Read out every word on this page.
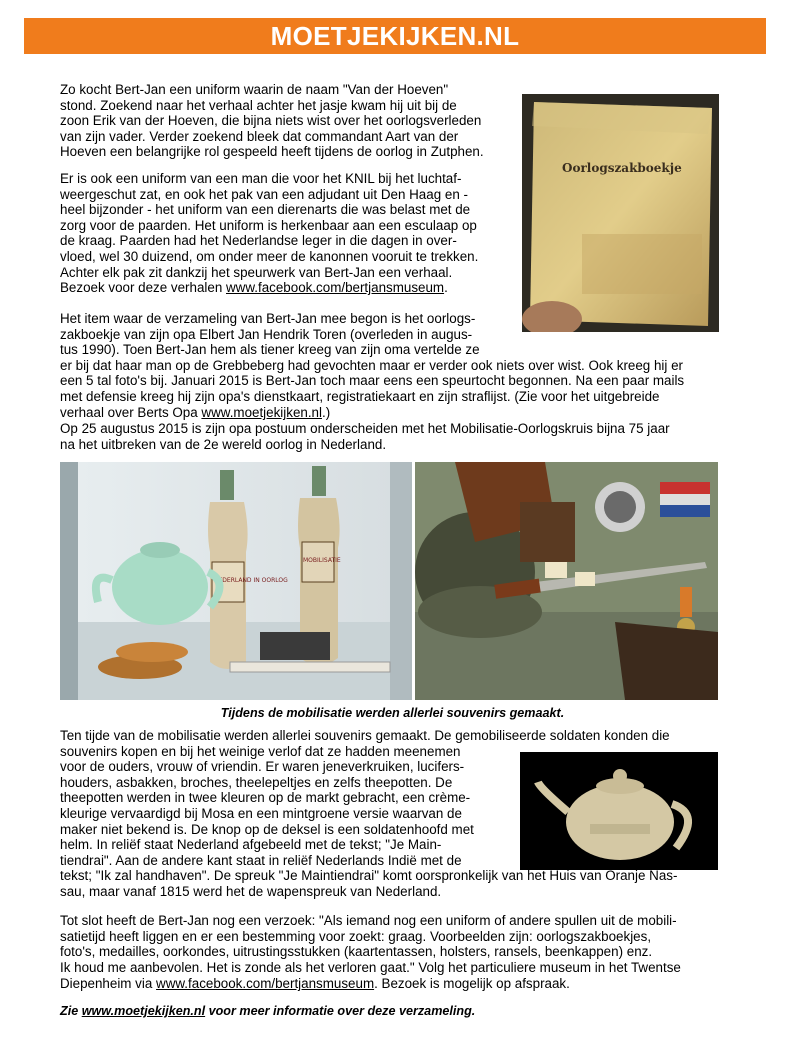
MOETJEKIJKEN.NL
Zo kocht Bert-Jan een uniform waarin de naam "Van der Hoeven"
stond. Zoekend naar het verhaal achter het jasje kwam hij uit bij de
zoon Erik van der Hoeven, die bijna niets wist over het oorlogsverleden
van zijn vader. Verder zoekend bleek dat commandant Aart van der
Hoeven een belangrijke rol gespeeld heeft tijdens de oorlog in Zutphen.
Er is ook een uniform van een man die voor het KNIL bij het luchtaf-
weergeschut zat, en ook het pak van een adjudant uit Den Haag en -
heel bijzonder - het uniform van een dierenarts die was belast met de
zorg voor de paarden. Het uniform is herkenbaar aan een esculaap op
de kraag. Paarden had het Nederlandse leger in die dagen in over-
vloed, wel 30 duizend, om onder meer de kanonnen vooruit te trekken.
Achter elk pak zit dankzij het speurwerk van Bert-Jan een verhaal.
Bezoek voor deze verhalen www.facebook.com/bertjansmuseum.
Oorlogszakboekje
Het item waar de verzameling van Bert-Jan mee begon is het oorlogs-
zakboekje van zijn opa Elbert Jan Hendrik Toren (overleden in augus-
tus 1990). Toen Bert-Jan hem als tiener kreeg van zijn oma vertelde ze
er bij dat haar man op de Grebbeberg had gevochten maar er verder ook niets over wist. Ook kreeg hij er
een 5 tal foto's bij. Januari 2015 is Bert-Jan toch maar eens een speurtocht begonnen. Na een paar mails
met defensie kreeg hij zijn opa's dienstkaart, registratiekaart en zijn straflijst. (Zie voor het uitgebreide
verhaal over Berts Opa www.moetjekijken.nl.)
Op 25 augustus 2015 is zijn opa postuum onderscheiden met het Mobilisatie-Oorlogskruis bijna 75 jaar
na het uitbreken van de 2e wereld oorlog in Nederland.
NEDERLAND IN OORLOG
MOBILISATIE
Tijdens de mobilisatie werden allerlei souvenirs gemaakt.
Ten tijde van de mobilisatie werden allerlei souvenirs gemaakt. De gemobiliseerde soldaten konden die
souvenirs kopen en bij het weinige verlof dat ze hadden meenemen
voor de ouders, vrouw of vriendin. Er waren jeneverkruiken, lucifers-
houders, asbakken, broches, theelepeltjes en zelfs theepotten. De
theepotten werden in twee kleuren op de markt gebracht, een crème-
kleurige vervaardigd bij Mosa en een mintgroene versie waarvan de
maker niet bekend is. De knop op de deksel is een soldatenhoofd met
helm. In reliëf staat Nederland afgebeeld met de tekst; "Je Main-
tiendrai". Aan de andere kant staat in reliëf Nederlands Indië met de
tekst; "Ik zal handhaven". De spreuk "Je Maintiendrai" komt oorspronkelijk van het Huis van Oranje Nas-
sau, maar vanaf 1815 werd het de wapenspreuk van Nederland.
Tot slot heeft de Bert-Jan nog een verzoek: "Als iemand nog een uniform of andere spullen uit de mobili-
satietijd heeft liggen en er een bestemming voor zoekt: graag. Voorbeelden zijn: oorlogszakboekjes,
foto's, medailles, oorkondes, uitrustingsstukken (kaartentassen, holsters, ransels, beenkappen) enz.
Ik houd me aanbevolen. Het is zonde als het verloren gaat." Volg het particuliere museum in het Twentse
Diepenheim via www.facebook.com/bertjansmuseum. Bezoek is mogelijk op afspraak.
Zie www.moetjekijken.nl voor meer informatie over deze verzameling.
